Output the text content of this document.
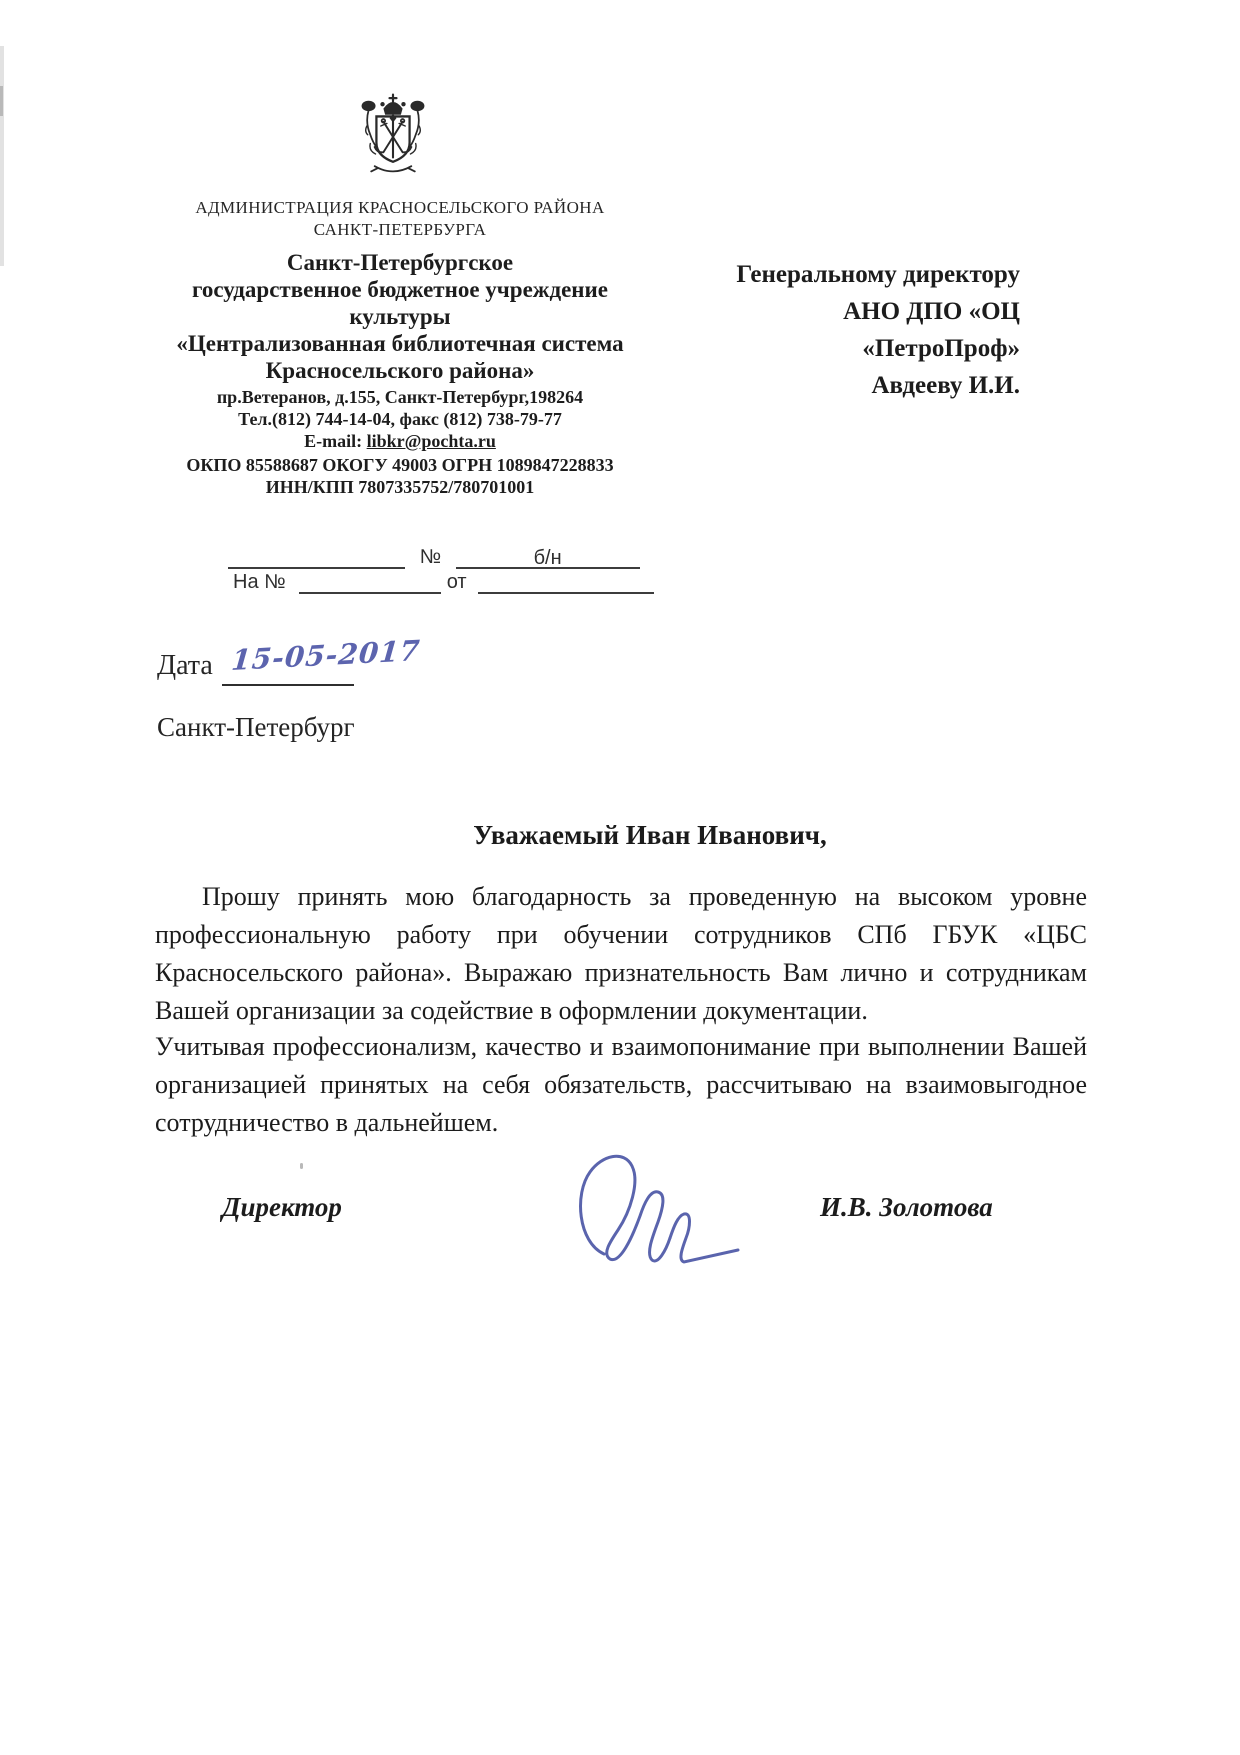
АДМИНИСТРАЦИЯ КРАСНОСЕЛЬСКОГО РАЙОНА
САНКТ-ПЕТЕРБУРГА
Санкт-Петербургское
государственное бюджетное учреждение
культуры
«Централизованная библиотечная система
Красносельского района»
пр.Ветеранов, д.155, Санкт-Петербург,198264
Тел.(812) 744-14-04, факс (812) 738-79-77
E-mail: libkr@pochta.ru
ОКПО 85588687 ОКОГУ 49003 ОГРН 1089847228833
ИНН/КПП 7807335752/780701001
№	б/н
На №	от
Генеральному директору
АНО ДПО «ОЦ «ПетроПроф»
Авдееву И.И.
Дата 15-05-2017
Санкт-Петербург
Уважаемый Иван Иванович,
Прошу принять мою благодарность за проведенную на высоком уровне профессиональную работу при обучении сотрудников СПб ГБУК «ЦБС Красносельского района». Выражаю признательность Вам лично и сотрудникам Вашей организации за содействие в оформлении документации.
Учитывая профессионализм, качество и взаимопонимание при выполнении Вашей организацией принятых на себя обязательств, рассчитываю на взаимовыгодное сотрудничество в дальнейшем.
Директор	И.В. Золотова
